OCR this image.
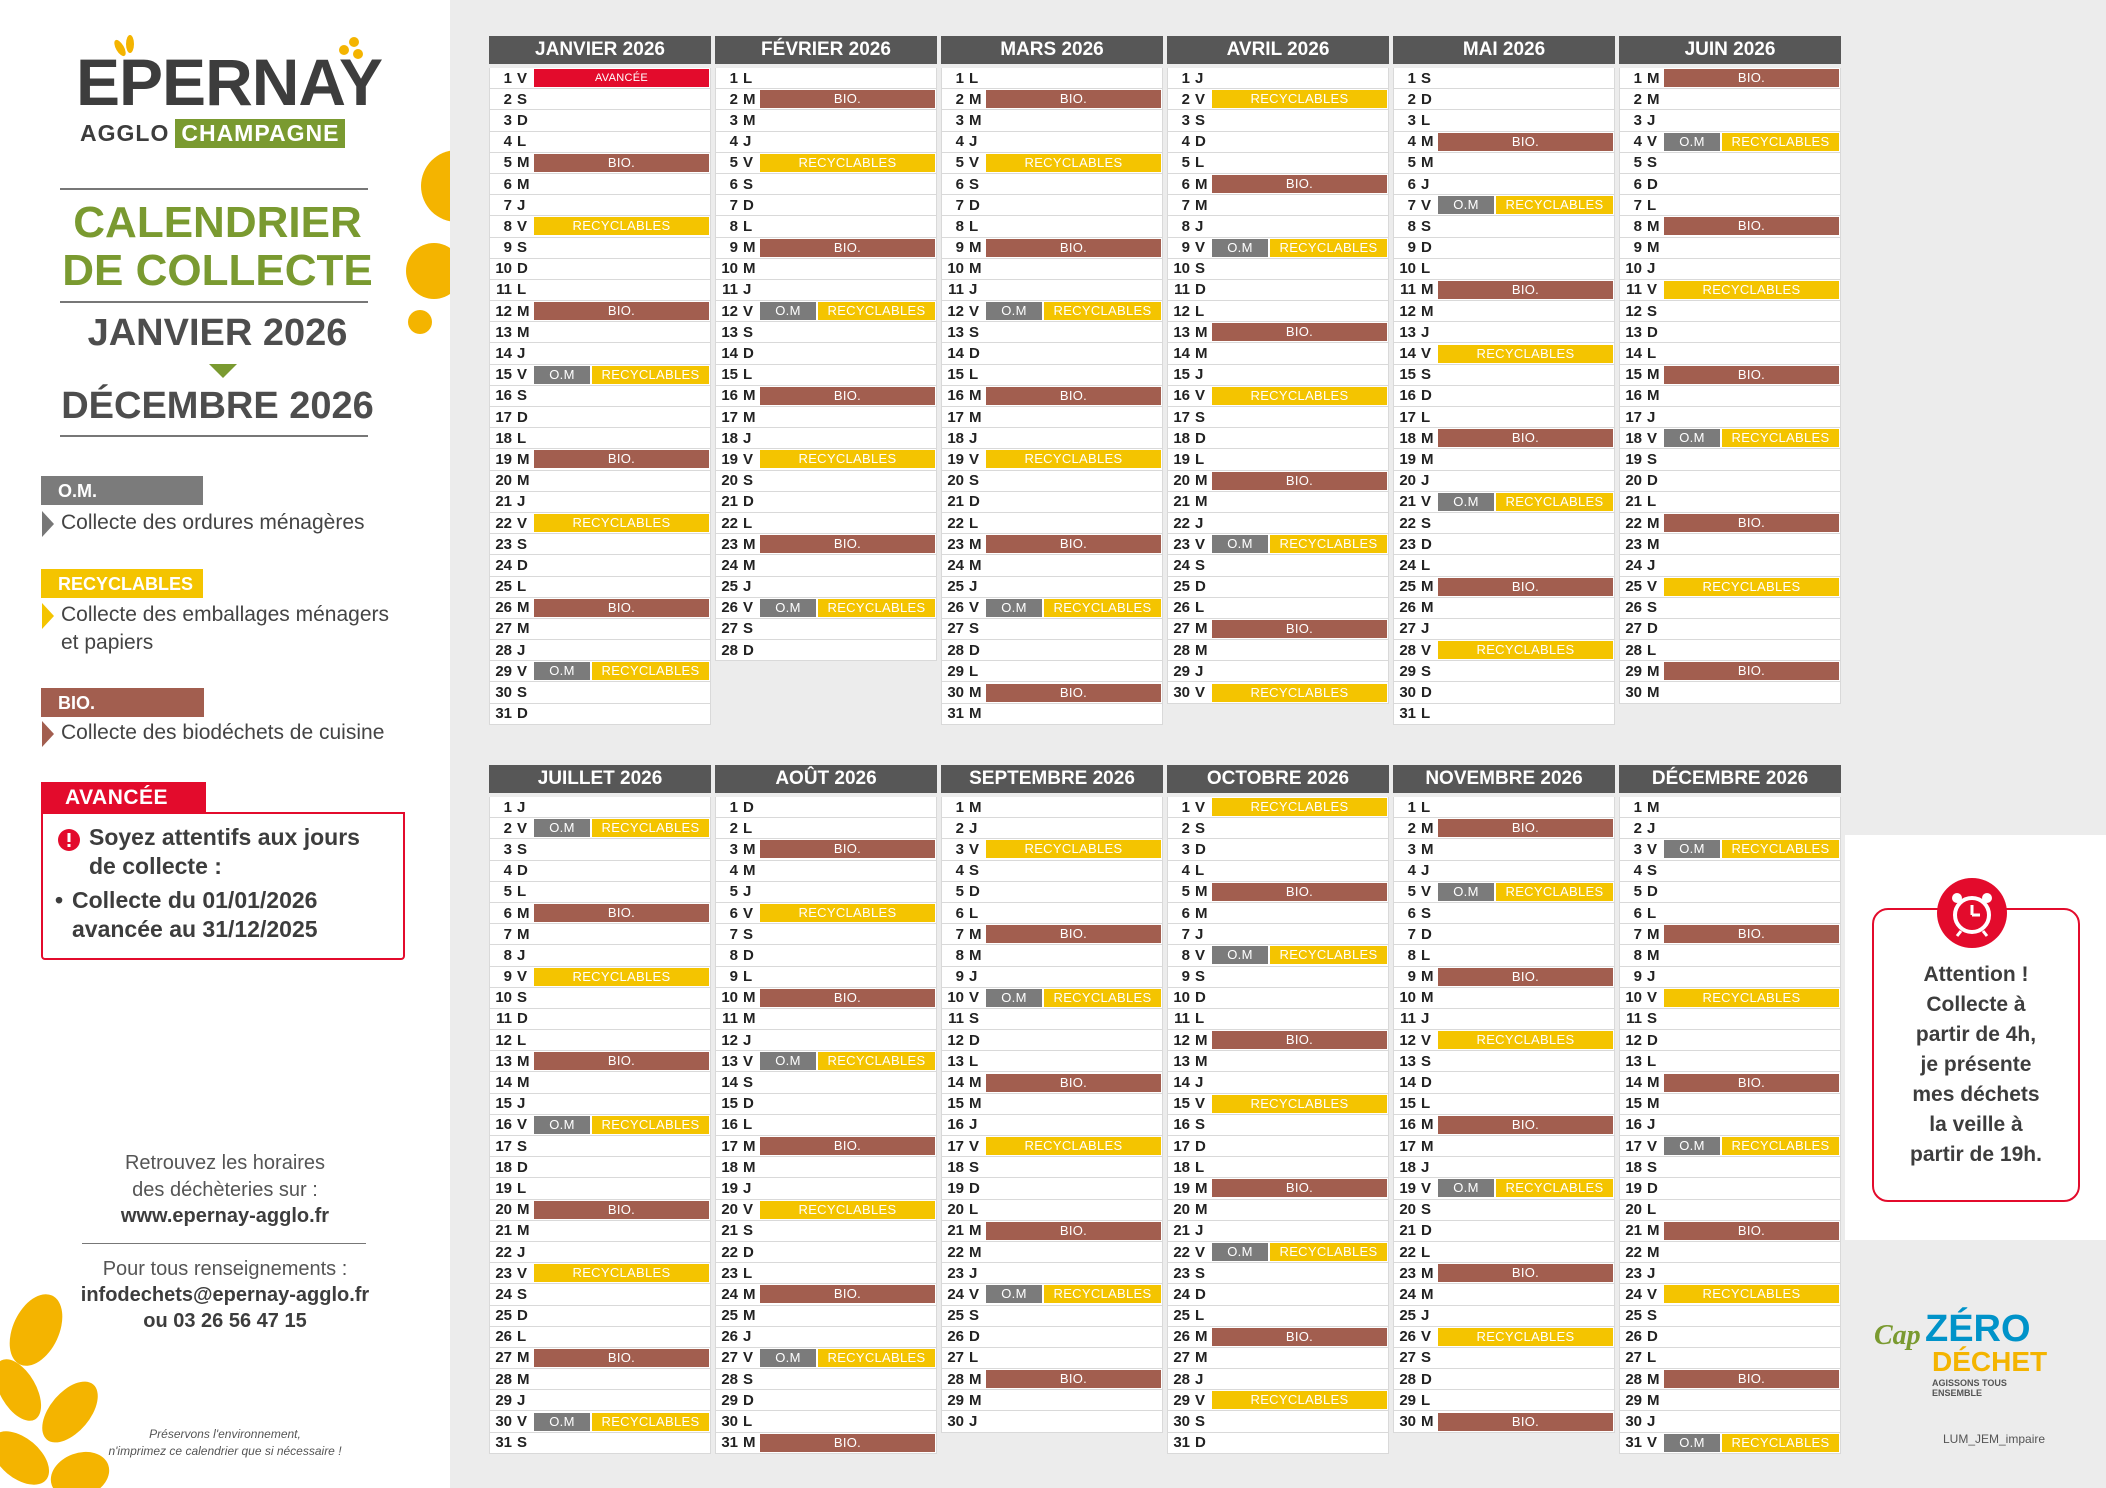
EPERNAY
AGGLO CHAMPAGNE
CALENDRIER
DE COLLECTE
JANVIER 2026
DÉCEMBRE 2026
O.M.
Collecte des ordures ménagères
RECYCLABLES
Collecte des emballages ménagers
et papiers
BIO.
Collecte des biodéchets de cuisine
AVANCÉE
Soyez attentifs aux jours
de collecte :
• Collecte du 01/01/2026
avancée au 31/12/2025
Retrouvez les horaires
des déchèteries sur :
www.epernay-agglo.fr
Pour tous renseignements :
infodechets@epernay-agglo.fr
ou 03 26 56 47 15
Préservons l'environnement,
n'imprimez ce calendrier que si nécessaire !
JANVIER 2026
1 V	AVANCÉE
2 S
3 D
4 L
5 M	BIO.
6 M
7 J
8 V	RECYCLABLES
9 S
10 D
11 L
12 M	BIO.
13 M
14 J
15 V	O.M	RECYCLABLES
16 S
17 D
18 L
19 M	BIO.
20 M
21 J
22 V	RECYCLABLES
23 S
24 D
25 L
26 M	BIO.
27 M
28 J
29 V	O.M	RECYCLABLES
30 S
31 D
FÉVRIER 2026
1 L
2 M	BIO.
3 M
4 J
5 V	RECYCLABLES
6 S
7 D
8 L
9 M	BIO.
10 M
11 J
12 V	O.M	RECYCLABLES
13 S
14 D
15 L
16 M	BIO.
17 M
18 J
19 V	RECYCLABLES
20 S
21 D
22 L
23 M	BIO.
24 M
25 J
26 V	O.M	RECYCLABLES
27 S
28 D
MARS 2026
1 L
2 M	BIO.
3 M
4 J
5 V	RECYCLABLES
6 S
7 D
8 L
9 M	BIO.
10 M
11 J
12 V	O.M	RECYCLABLES
13 S
14 D
15 L
16 M	BIO.
17 M
18 J
19 V	RECYCLABLES
20 S
21 D
22 L
23 M	BIO.
24 M
25 J
26 V	O.M	RECYCLABLES
27 S
28 D
29 L
30 M	BIO.
31 M
AVRIL 2026
1 J
2 V	RECYCLABLES
3 S
4 D
5 L
6 M	BIO.
7 M
8 J
9 V	O.M	RECYCLABLES
10 S
11 D
12 L
13 M	BIO.
14 M
15 J
16 V	RECYCLABLES
17 S
18 D
19 L
20 M	BIO.
21 M
22 J
23 V	O.M	RECYCLABLES
24 S
25 D
26 L
27 M	BIO.
28 M
29 J
30 V	RECYCLABLES
MAI 2026
1 S
2 D
3 L
4 M	BIO.
5 M
6 J
7 V	O.M	RECYCLABLES
8 S
9 D
10 L
11 M	BIO.
12 M
13 J
14 V	RECYCLABLES
15 S
16 D
17 L
18 M	BIO.
19 M
20 J
21 V	O.M	RECYCLABLES
22 S
23 D
24 L
25 M	BIO.
26 M
27 J
28 V	RECYCLABLES
29 S
30 D
31 L
JUIN 2026
1 M	BIO.
2 M
3 J
4 V	O.M	RECYCLABLES
5 S
6 D
7 L
8 M	BIO.
9 M
10 J
11 V	RECYCLABLES
12 S
13 D
14 L
15 M	BIO.
16 M
17 J
18 V	O.M	RECYCLABLES
19 S
20 D
21 L
22 M	BIO.
23 M
24 J
25 V	RECYCLABLES
26 S
27 D
28 L
29 M	BIO.
30 M
JUILLET 2026
1 J
2 V	O.M	RECYCLABLES
3 S
4 D
5 L
6 M	BIO.
7 M
8 J
9 V	RECYCLABLES
10 S
11 D
12 L
13 M	BIO.
14 M
15 J
16 V	O.M	RECYCLABLES
17 S
18 D
19 L
20 M	BIO.
21 M
22 J
23 V	RECYCLABLES
24 S
25 D
26 L
27 M	BIO.
28 M
29 J
30 V	O.M	RECYCLABLES
31 S
AOÛT 2026
1 D
2 L
3 M	BIO.
4 M
5 J
6 V	RECYCLABLES
7 S
8 D
9 L
10 M	BIO.
11 M
12 J
13 V	O.M	RECYCLABLES
14 S
15 D
16 L
17 M	BIO.
18 M
19 J
20 V	RECYCLABLES
21 S
22 D
23 L
24 M	BIO.
25 M
26 J
27 V	O.M	RECYCLABLES
28 S
29 D
30 L
31 M	BIO.
SEPTEMBRE 2026
1 M
2 J
3 V	RECYCLABLES
4 S
5 D
6 L
7 M	BIO.
8 M
9 J
10 V	O.M	RECYCLABLES
11 S
12 D
13 L
14 M	BIO.
15 M
16 J
17 V	RECYCLABLES
18 S
19 D
20 L
21 M	BIO.
22 M
23 J
24 V	O.M	RECYCLABLES
25 S
26 D
27 L
28 M	BIO.
29 M
30 J
OCTOBRE 2026
1 V	RECYCLABLES
2 S
3 D
4 L
5 M	BIO.
6 M
7 J
8 V	O.M	RECYCLABLES
9 S
10 D
11 L
12 M	BIO.
13 M
14 J
15 V	RECYCLABLES
16 S
17 D
18 L
19 M	BIO.
20 M
21 J
22 V	O.M	RECYCLABLES
23 S
24 D
25 L
26 M	BIO.
27 M
28 J
29 V	RECYCLABLES
30 S
31 D
NOVEMBRE 2026
1 L
2 M	BIO.
3 M
4 J
5 V	O.M	RECYCLABLES
6 S
7 D
8 L
9 M	BIO.
10 M
11 J
12 V	RECYCLABLES
13 S
14 D
15 L
16 M	BIO.
17 M
18 J
19 V	O.M	RECYCLABLES
20 S
21 D
22 L
23 M	BIO.
24 M
25 J
26 V	RECYCLABLES
27 S
28 D
29 L
30 M	BIO.
DÉCEMBRE 2026
1 M
2 J
3 V	O.M	RECYCLABLES
4 S
5 D
6 L
7 M	BIO.
8 M
9 J
10 V	RECYCLABLES
11 S
12 D
13 L
14 M	BIO.
15 M
16 J
17 V	O.M	RECYCLABLES
18 S
19 D
20 L
21 M	BIO.
22 M
23 J
24 V	RECYCLABLES
25 S
26 D
27 L
28 M	BIO.
29 M
30 J
31 V	O.M	RECYCLABLES
Attention !
Collecte à
partir de 4h,
je présente
mes déchets
la veille à
partir de 19h.
Cap ZÉRO
DÉCHET
AGISSONS TOUS ENSEMBLE
LUM_JEM_impaire
